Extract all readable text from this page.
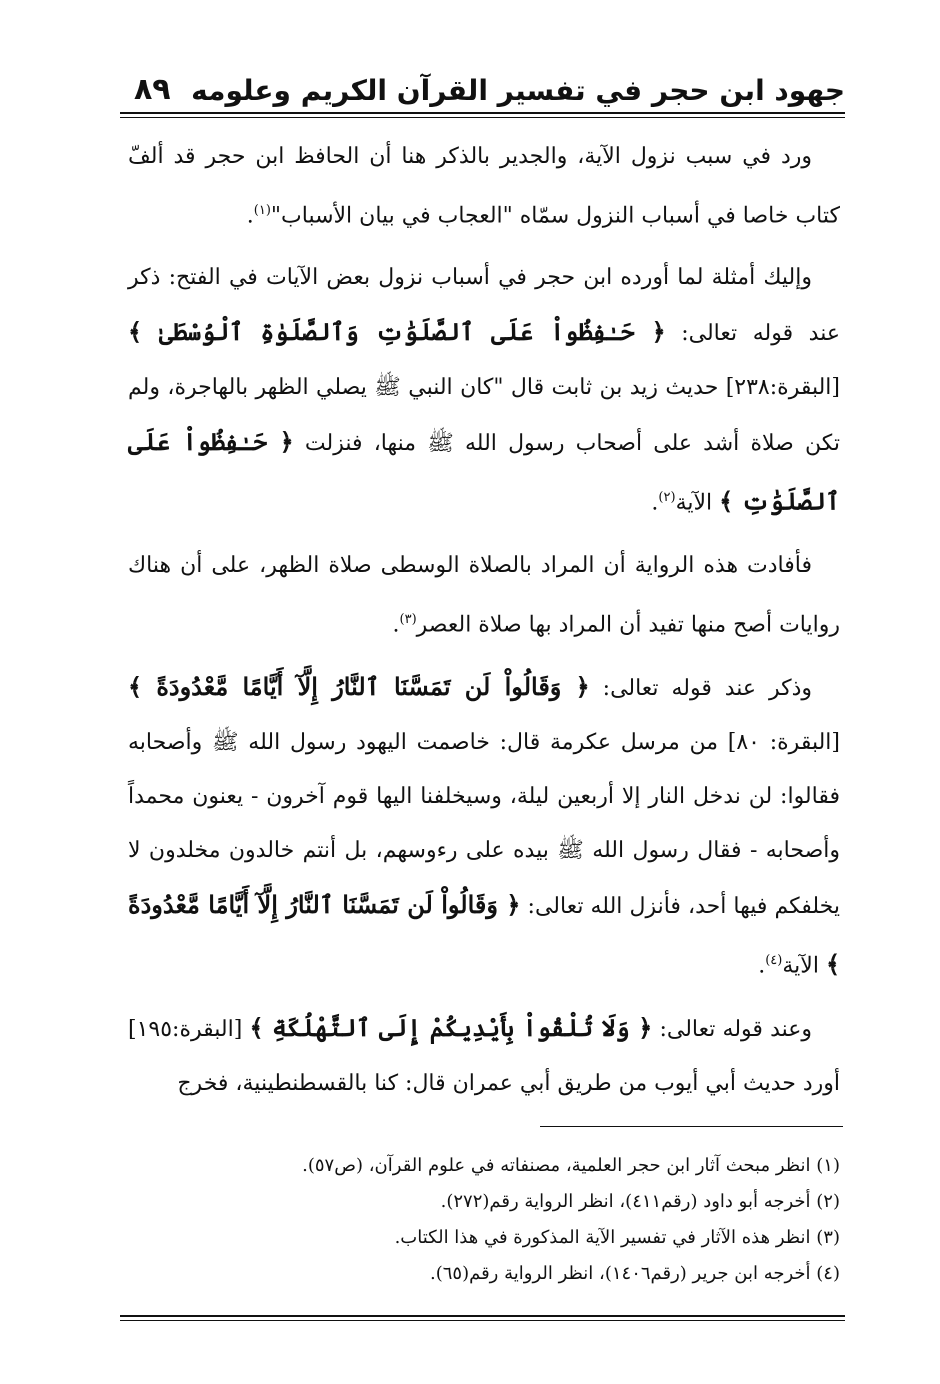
جهود ابن حجر في تفسير القرآن الكريم وعلومه
٨٩

ورد في سبب نزول الآية، والجدير بالذكر هنا أن الحافظ ابن حجر قد ألفّ كتاب خاصا في أسباب النزول سمّاه "العجاب في بيان الأسباب"$^{(١)}$.

وإليك أمثلة لما أورده ابن حجر في أسباب نزول بعض الآيات في الفتح: ذكر عند قوله تعالى: ﴿ حَـٰفِظُواْ عَلَى ٱلصَّلَوَٰتِ وَٱلصَّلَوٰةِ ٱلْوُسْطَىٰ ﴾ [البقرة:٢٣٨] حديث زيد بن ثابت قال "كان النبي ﷺ يصلي الظهر بالهاجرة، ولم تكن صلاة أشد على أصحاب رسول الله ﷺ منها، فنزلت ﴿ حَـٰفِظُواْ عَلَى ٱلصَّلَوَٰتِ ﴾ الآية$^{(٢)}$.

فأفادت هذه الرواية أن المراد بالصلاة الوسطى صلاة الظهر، على أن هناك روايات أصح منها تفيد أن المراد بها صلاة العصر$^{(٣)}$.

وذكر عند قوله تعالى: ﴿ وَقَالُواْ لَن تَمَسَّنَا ٱلنَّارُ إِلَّآ أَيَّامًا مَّعْدُودَةً ﴾ [البقرة: ٨٠] من مرسل عكرمة قال: خاصمت اليهود رسول الله ﷺ وأصحابه فقالوا: لن ندخل النار إلا أربعين ليلة، وسيخلفنا اليها قوم آخرون - يعنون محمداً وأصحابه - فقال رسول الله ﷺ بيده على رءوسهم، بل أنتم خالدون مخلدون لا يخلفكم فيها أحد، فأنزل الله تعالى: ﴿ وَقَالُواْ لَن تَمَسَّنَا ٱلنَّارُ إِلَّآ أَيَّامًا مَّعْدُودَةً ﴾ الآية$^{(٤)}$.

وعند قوله تعالى: ﴿ وَلَا تُلْقُواْ بِأَيْدِيكُمْ إِلَى ٱلتَّهْلُكَةِ ﴾ [البقرة:١٩٥] أورد حديث أبي أيوب من طريق أبي عمران قال: كنا بالقسطنطينية، فخرج

(١) انظر مبحث آثار ابن حجر العلمية، مصنفاته في علوم القرآن، (ص٥٧).

(٢) أخرجه أبو داود (رقم٤١١)، انظر الرواية رقم(٢٧٢).

(٣) انظر هذه الآثار في تفسير الآية المذكورة في هذا الكتاب.

(٤) أخرجه ابن جرير (رقم١٤٠٦)، انظر الرواية رقم(٦٥).
